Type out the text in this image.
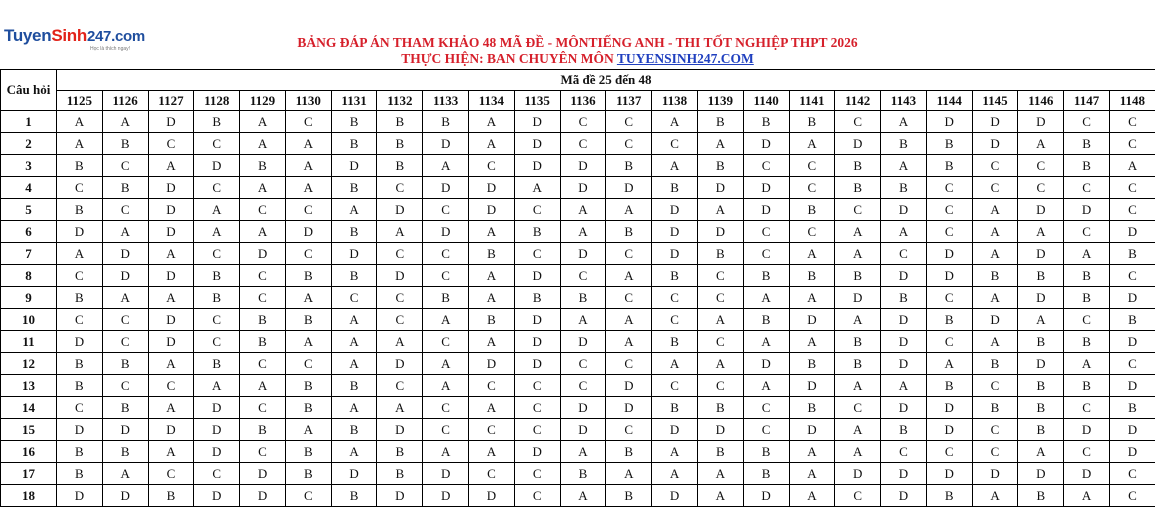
TuyenSinh247.com
Học là thích ngay!	BẢNG ĐÁP ÁN THAM KHẢO 48 MÃ ĐỀ - MÔNTIẾNG ANH - THI TỐT NGHIỆP THPT 2026
THỰC HIỆN: BAN CHUYÊN MÔN TUYENSINH247.COM
Câu hỏi	Mã đề 25 đến 48																							
	1125	1126	1127	1128	1129	1130	1131	1132	1133	1134	1135	1136	1137	1138	1139	1140	1141	1142	1143	1144	1145	1146	1147	1148
1	A	A	D	B	A	C	B	B	B	A	D	C	C	A	B	B	B	C	A	D	D	D	C	C
2	A	B	C	C	A	A	B	B	D	A	D	C	C	C	A	D	A	D	B	B	D	A	B	C
3	B	C	A	D	B	A	D	B	A	C	D	D	B	A	B	C	C	B	A	B	C	C	B	A
4	C	B	D	C	A	A	B	C	D	D	A	D	D	B	D	D	C	B	B	C	C	C	C	C
5	B	C	D	A	C	C	A	D	C	D	C	A	A	D	A	D	B	C	D	C	A	D	D	C
6	D	A	D	A	A	D	B	A	D	A	B	A	B	D	D	C	C	A	A	C	A	A	C	D
7	A	D	A	C	D	C	D	C	C	B	C	D	C	D	B	C	A	A	C	D	A	D	A	B
8	C	D	D	B	C	B	B	D	C	A	D	C	A	B	C	B	B	B	D	D	B	B	B	C
9	B	A	A	B	C	A	C	C	B	A	B	B	C	C	C	A	A	D	B	C	A	D	B	D
10	C	C	D	C	B	B	A	C	A	B	D	A	A	C	A	B	D	A	D	B	D	A	C	B
11	D	C	D	C	B	A	A	A	C	A	D	D	A	B	C	A	A	B	D	C	A	B	B	D
12	B	B	A	B	C	C	A	D	A	D	D	C	C	A	A	D	B	B	D	A	B	D	A	C
13	B	C	C	A	A	B	B	C	A	C	C	C	D	C	C	A	D	A	A	B	C	B	B	D
14	C	B	A	D	C	B	A	A	C	A	C	D	D	B	B	C	B	C	D	D	B	B	C	B
15	D	D	D	D	B	A	B	D	C	C	C	D	C	D	D	C	D	A	B	D	C	B	D	D
16	B	B	A	D	C	B	A	B	A	A	D	A	B	A	B	B	A	A	C	C	C	A	C	D
17	B	A	C	C	D	B	D	B	D	C	C	B	A	A	A	B	A	D	D	D	D	D	D	C
18	D	D	B	D	D	C	B	D	D	D	C	A	B	D	A	D	A	C	D	B	A	B	A	C
